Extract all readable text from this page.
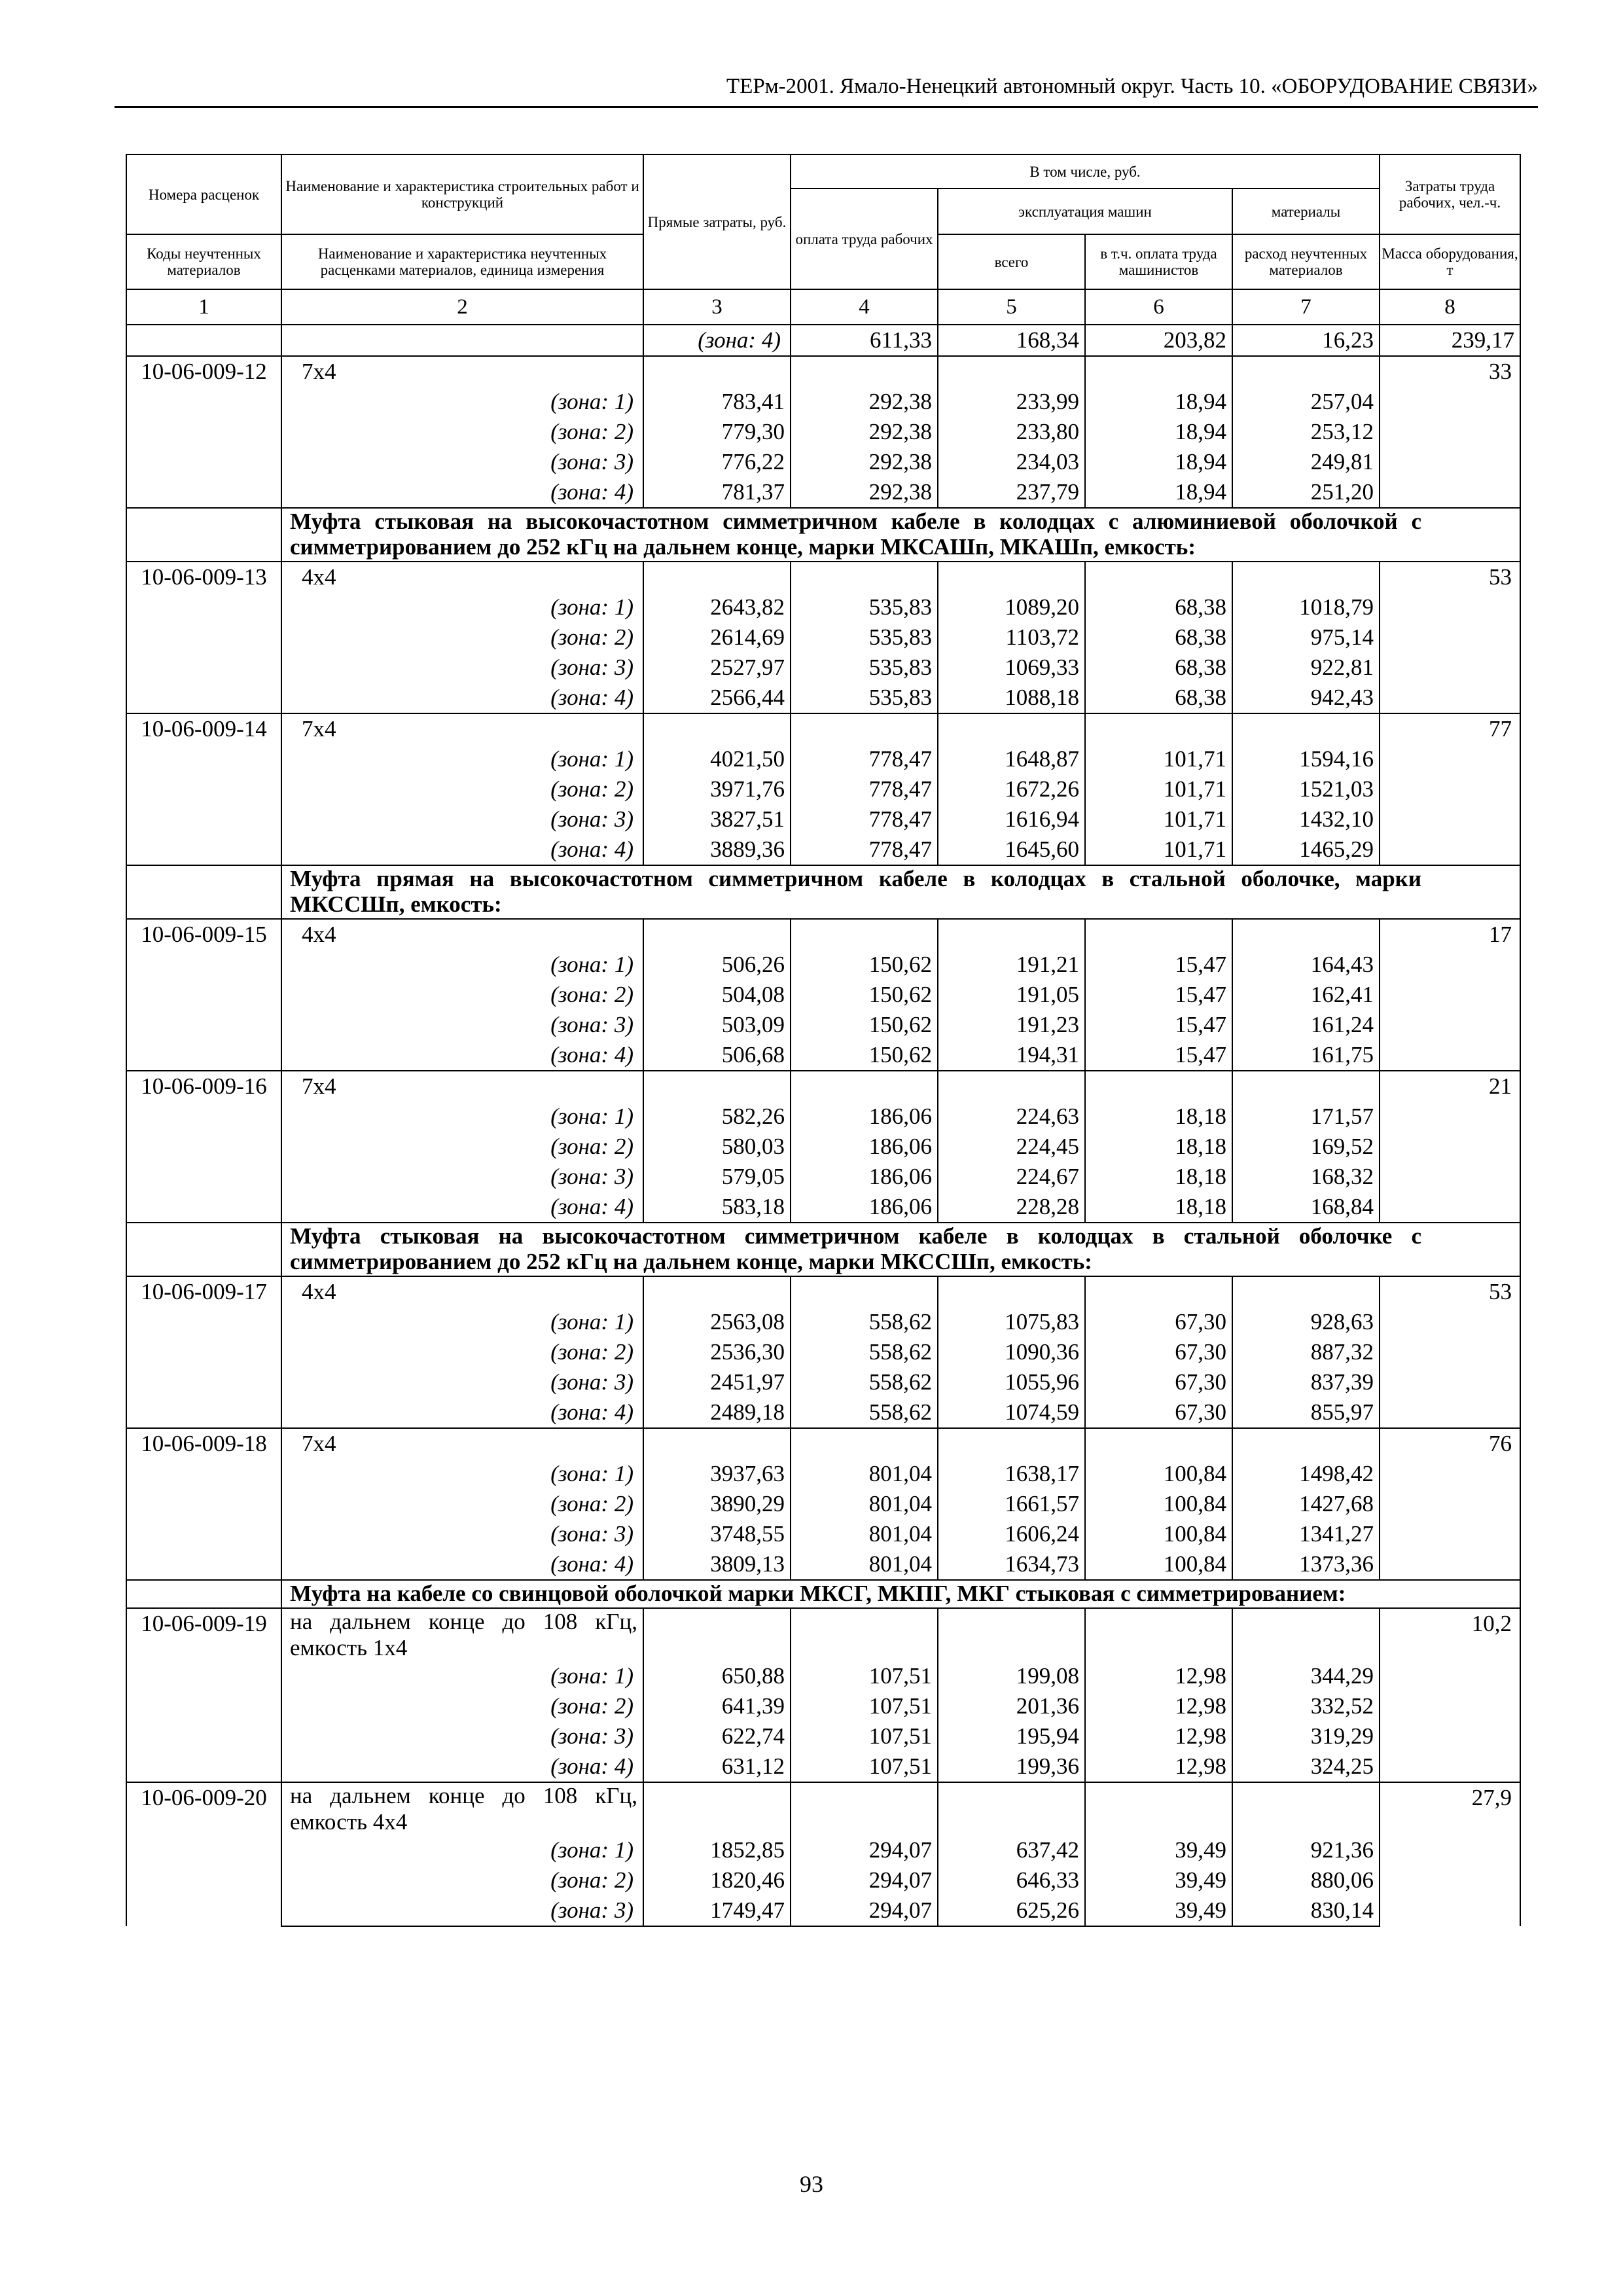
ТЕРм-2001. Ямало-Ненецкий автономный округ. Часть 10. «ОБОРУДОВАНИЕ СВЯЗИ»
Номера расценок	Наименование и характеристика строительных работ и конструкций	Прямые затраты, руб.	В том числе, руб.				Затраты труда рабочих, чел.-ч.	
			оплата труда рабочих	эксплуатация машин		материалы		
Коды неучтенных материалов	Наименование и характеристика неучтенных расценками материалов, единица измерения			всего	в т.ч. оплата труда машинистов	расход неучтенных материалов	Масса оборудования, т	
1	2	3	4	5	6	7	8	
		(зона: 4)	611,33	168,34	203,82	16,23	239,17	
10-06-009-12	7х4						33	
	(зона: 1)	783,41	292,38	233,99	18,94	257,04		
	(зона: 2)	779,30	292,38	233,80	18,94	253,12		
	(зона: 3)	776,22	292,38	234,03	18,94	249,81		
	(зона: 4)	781,37	292,38	237,79	18,94	251,20		
	Муфта стыковая на высокочастотном симметричном кабеле в колодцах с алюминиевой оболочкой с симметрированием до 252 кГц на дальнем конце, марки МКСАШп, МКАШп, емкость:							
10-06-009-13	4х4						53	
	(зона: 1)	2643,82	535,83	1089,20	68,38	1018,79		
	(зона: 2)	2614,69	535,83	1103,72	68,38	975,14		
	(зона: 3)	2527,97	535,83	1069,33	68,38	922,81		
	(зона: 4)	2566,44	535,83	1088,18	68,38	942,43		
10-06-009-14	7х4						77	
	(зона: 1)	4021,50	778,47	1648,87	101,71	1594,16		
	(зона: 2)	3971,76	778,47	1672,26	101,71	1521,03		
	(зона: 3)	3827,51	778,47	1616,94	101,71	1432,10		
	(зона: 4)	3889,36	778,47	1645,60	101,71	1465,29		
	Муфта прямая на высокочастотном симметричном кабеле в колодцах в стальной оболочке, марки МКССШп, емкость:							
10-06-009-15	4х4						17	
	(зона: 1)	506,26	150,62	191,21	15,47	164,43		
	(зона: 2)	504,08	150,62	191,05	15,47	162,41		
	(зона: 3)	503,09	150,62	191,23	15,47	161,24		
	(зона: 4)	506,68	150,62	194,31	15,47	161,75		
10-06-009-16	7х4						21	
	(зона: 1)	582,26	186,06	224,63	18,18	171,57		
	(зона: 2)	580,03	186,06	224,45	18,18	169,52		
	(зона: 3)	579,05	186,06	224,67	18,18	168,32		
	(зона: 4)	583,18	186,06	228,28	18,18	168,84		
	Муфта стыковая на высокочастотном симметричном кабеле в колодцах в стальной оболочке с симметрированием до 252 кГц на дальнем конце, марки МКССШп, емкость:							
10-06-009-17	4х4						53	
	(зона: 1)	2563,08	558,62	1075,83	67,30	928,63		
	(зона: 2)	2536,30	558,62	1090,36	67,30	887,32		
	(зона: 3)	2451,97	558,62	1055,96	67,30	837,39		
	(зона: 4)	2489,18	558,62	1074,59	67,30	855,97		
10-06-009-18	7х4						76	
	(зона: 1)	3937,63	801,04	1638,17	100,84	1498,42		
	(зона: 2)	3890,29	801,04	1661,57	100,84	1427,68		
	(зона: 3)	3748,55	801,04	1606,24	100,84	1341,27		
	(зона: 4)	3809,13	801,04	1634,73	100,84	1373,36		
	Муфта на кабеле со свинцовой оболочкой марки МКСГ, МКПГ, МКГ стыковая с симметрированием:							
10-06-009-19	на дальнем конце до 108 кГц, емкость 1х4						10,2	
	(зона: 1)	650,88	107,51	199,08	12,98	344,29		
	(зона: 2)	641,39	107,51	201,36	12,98	332,52		
	(зона: 3)	622,74	107,51	195,94	12,98	319,29		
	(зона: 4)	631,12	107,51	199,36	12,98	324,25		
10-06-009-20	на дальнем конце до 108 кГц, емкость 4х4						27,9	
	(зона: 1)	1852,85	294,07	637,42	39,49	921,36		
	(зона: 2)	1820,46	294,07	646,33	39,49	880,06		
	(зона: 3)	1749,47	294,07	625,26	39,49	830,14		
93
